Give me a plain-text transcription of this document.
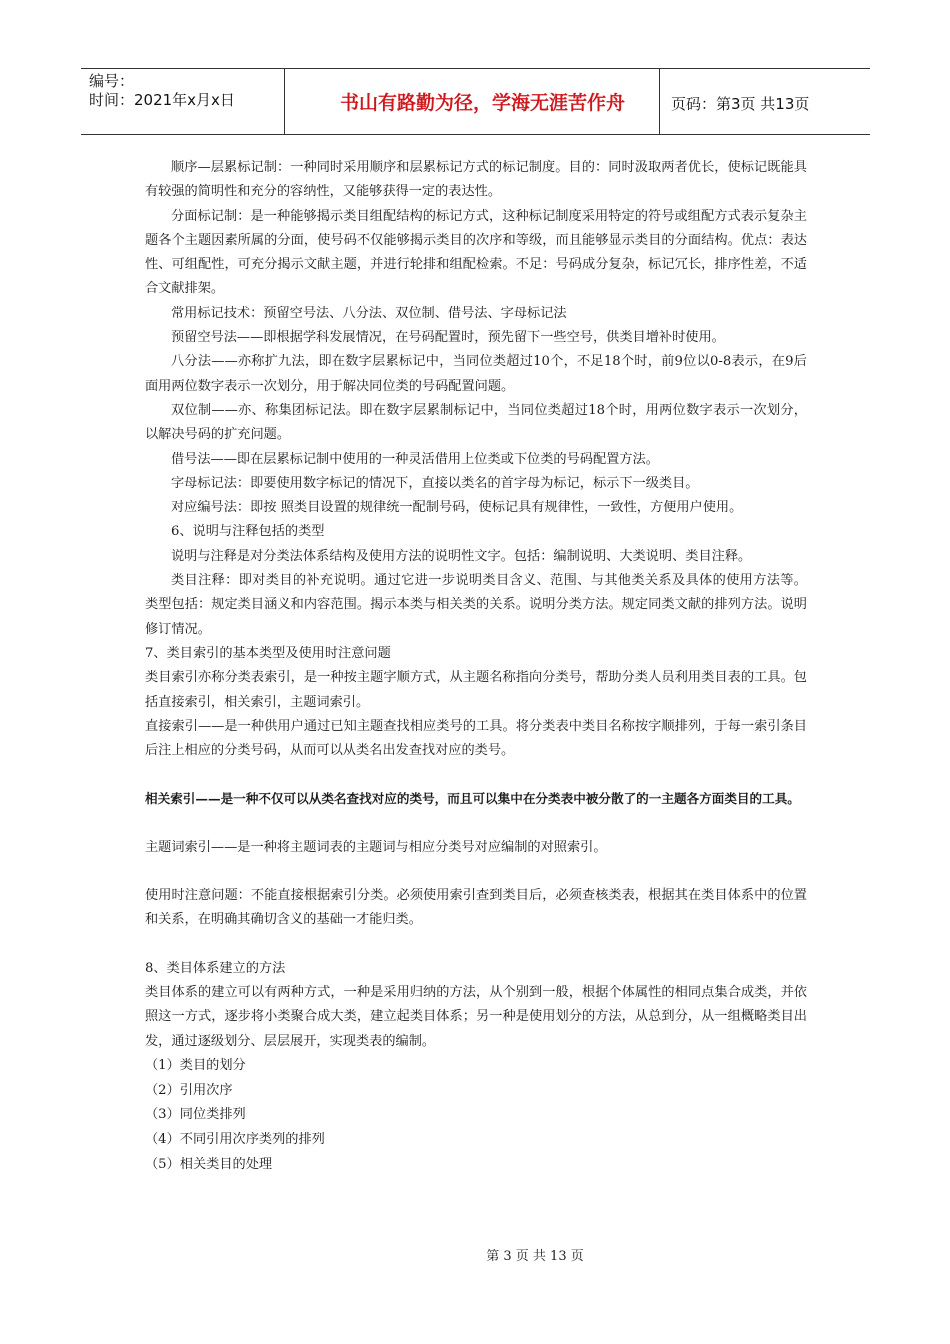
编号：
时间：2021年x月x日	书山有路勤为径，学海无涯苦作舟	页码：第3页 共13页

顺序—层累标记制：一种同时采用顺序和层累标记方式的标记制度。目的：同时汲取两者优长，使标记既能具有较强的简明性和充分的容纳性，又能够获得一定的表达性。

分面标记制：是一种能够揭示类目组配结构的标记方式，这种标记制度采用特定的符号或组配方式表示复杂主题各个主题因素所属的分面，使号码不仅能够揭示类目的次序和等级，而且能够显示类目的分面结构。优点：表达性、可组配性，可充分揭示文献主题，并进行轮排和组配检索。不足：号码成分复杂，标记冗长，排序性差，不适合文献排架。

常用标记技术：预留空号法、八分法、双位制、借号法、字母标记法

预留空号法——即根据学科发展情况，在号码配置时，预先留下一些空号，供类目增补时使用。

八分法——亦称扩九法，即在数字层累标记中，当同位类超过10个，不足18个时，前9位以0-8表示，在9后面用两位数字表示一次划分，用于解决同位类的号码配置问题。

双位制——亦、称集团标记法。即在数字层累制标记中，当同位类超过18个时，用两位数字表示一次划分，以解决号码的扩充问题。

借号法——即在层累标记制中使用的一种灵活借用上位类或下位类的号码配置方法。

字母标记法：即要使用数字标记的情况下，直接以类名的首字母为标记，标示下一级类目。

对应编号法：即按 照类目设置的规律统一配制号码，使标记具有规律性，一致性，方便用户使用。

6、说明与注释包括的类型

说明与注释是对分类法体系结构及使用方法的说明性文字。包括：编制说明、大类说明、类目注释。

类目注释：即对类目的补充说明。通过它进一步说明类目含义、范围、与其他类关系及具体的使用方法等。 类型包括：规定类目涵义和内容范围。揭示本类与相关类的关系。说明分类方法。规定同类文献的排列方法。说明修订情况。

7、类目索引的基本类型及使用时注意问题

类目索引亦称分类表索引，是一种按主题字顺方式，从主题名称指向分类号，帮助分类人员利用类目表的工具。包括直接索引，相关索引，主题词索引。

直接索引——是一种供用户通过已知主题查找相应类号的工具。将分类表中类目名称按字顺排列，于每一索引条目后注上相应的分类号码，从而可以从类名出发查找对应的类号。

相关索引——是一种不仅可以从类名查找对应的类号，而且可以集中在分类表中被分散了的一主题各方面类目的工具。

主题词索引——是一种将主题词表的主题词与相应分类号对应编制的对照索引。

使用时注意问题：不能直接根据索引分类。必须使用索引查到类目后，必须查核类表，根据其在类目体系中的位置和关系，在明确其确切含义的基础一才能归类。

8、类目体系建立的方法

类目体系的建立可以有两种方式，一种是采用归纳的方法，从个别到一般，根据个体属性的相同点集合成类，并依照这一方式，逐步将小类聚合成大类，建立起类目体系；另一种是使用划分的方法，从总到分，从一组概略类目出发，通过逐级划分、层层展开，实现类表的编制。

（1）类目的划分

（2）引用次序

（3）同位类排列

（4）不同引用次序类列的排列

（5）相关类目的处理

第 3 页 共 13 页
